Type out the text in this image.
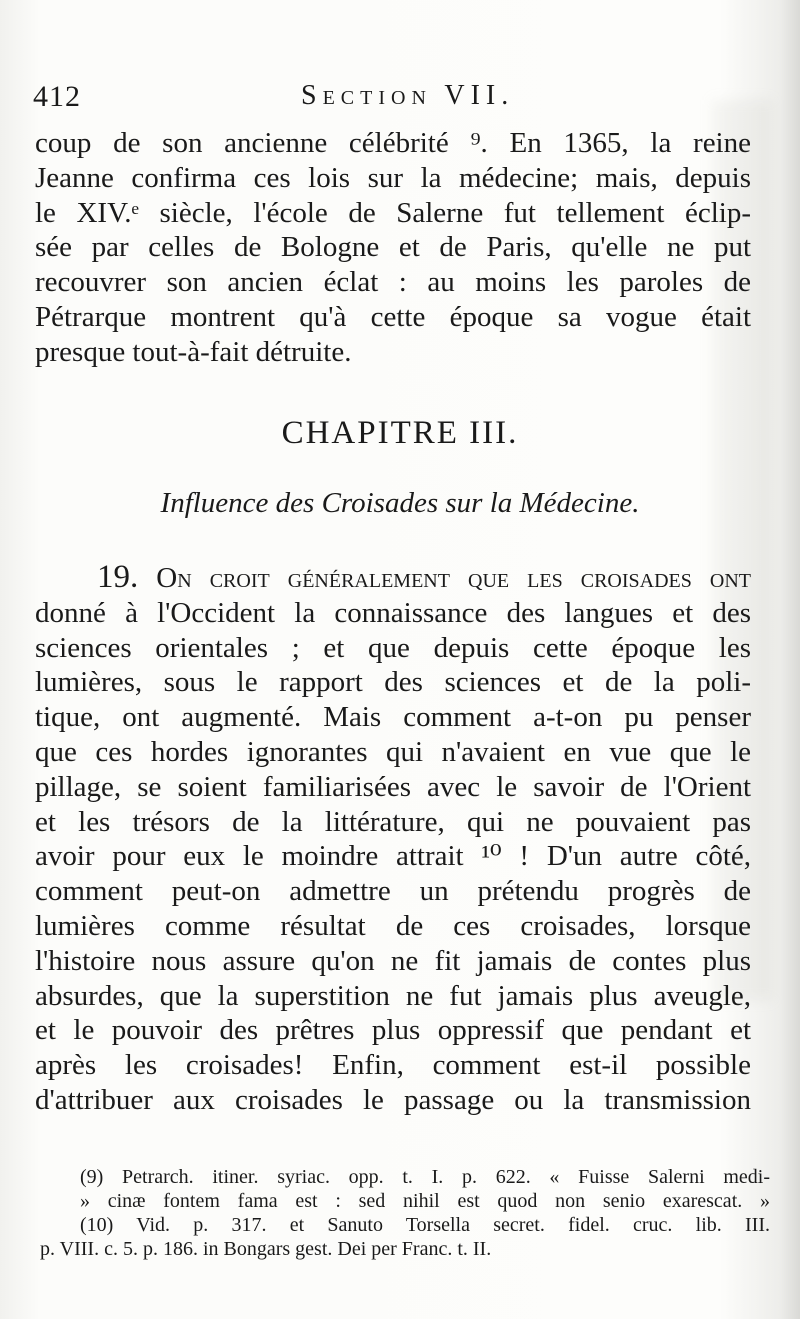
412	Section VII.
coup de son ancienne célébrité ⁹. En 1365, la reine
Jeanne confirma ces lois sur la médecine; mais, depuis
le XIV.ᵉ siècle, l'école de Salerne fut tellement éclip-
sée par celles de Bologne et de Paris, qu'elle ne put
recouvrer son ancien éclat : au moins les paroles de
Pétrarque montrent qu'à cette époque sa vogue était
presque tout-à-fait détruite.
CHAPITRE III.
Influence des Croisades sur la Médecine.
19. On croit généralement que les croisades ont
donné à l'Occident la connaissance des langues et des
sciences orientales ; et que depuis cette époque les
lumières, sous le rapport des sciences et de la poli-
tique, ont augmenté. Mais comment a-t-on pu penser
que ces hordes ignorantes qui n'avaient en vue que le
pillage, se soient familiarisées avec le savoir de l'Orient
et les trésors de la littérature, qui ne pouvaient pas
avoir pour eux le moindre attrait ¹⁰ ! D'un autre côté,
comment peut-on admettre un prétendu progrès de
lumières comme résultat de ces croisades, lorsque
l'histoire nous assure qu'on ne fit jamais de contes plus
absurdes, que la superstition ne fut jamais plus aveugle,
et le pouvoir des prêtres plus oppressif que pendant et
après les croisades! Enfin, comment est-il possible
d'attribuer aux croisades le passage ou la transmission
(9) Petrarch. itiner. syriac. opp. t. I. p. 622. « Fuisse Salerni medi-
» cinæ fontem fama est : sed nihil est quod non senio exarescat. »
(10) Vid. p. 317. et Sanuto Torsella secret. fidel. cruc. lib. III.
p. VIII. c. 5. p. 186. in Bongars gest. Dei per Franc. t. II.
